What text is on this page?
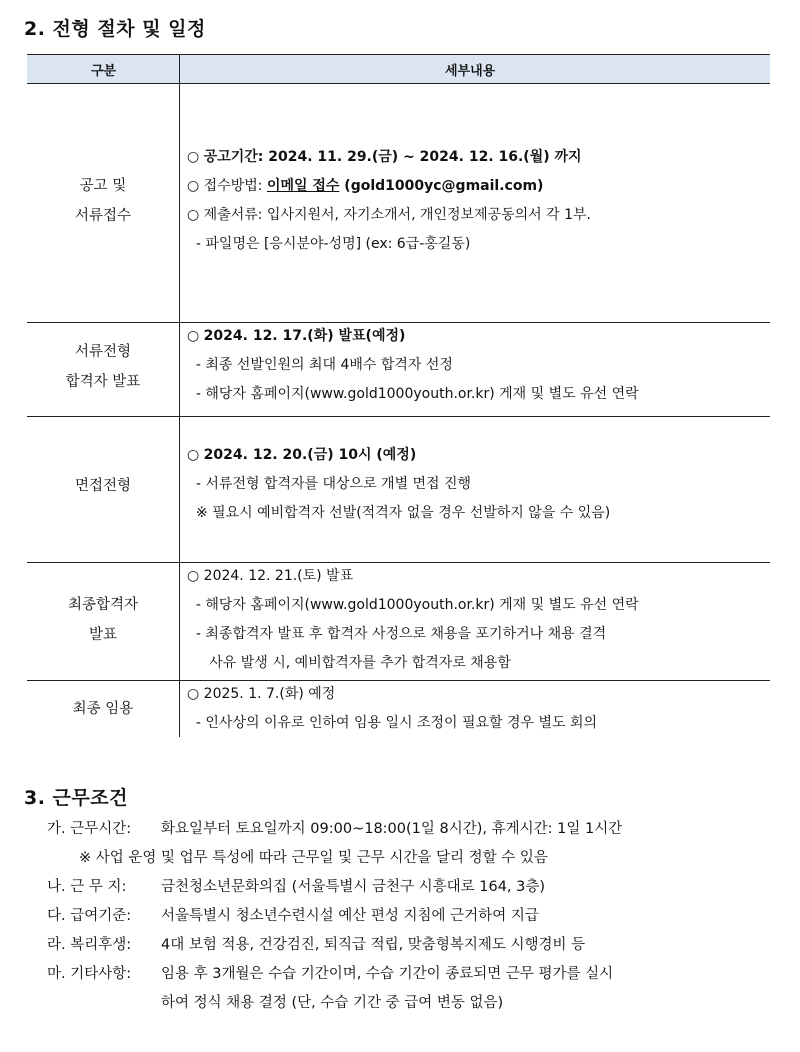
2. 전형 절차 및 일정
구분	세부내용
공고 및
서류접수
○ 공고기간: 2024. 11. 29.(금) ~ 2024. 12. 16.(월) 까지
○ 접수방법: 이메일 접수 (gold1000yc@gmail.com)
○ 제출서류: 입사지원서, 자기소개서, 개인정보제공동의서 각 1부.
- 파일명은 [응시분야-성명] (ex: 6급-홍길동)
서류전형
합격자 발표
○ 2024. 12. 17.(화) 발표(예정)
- 최종 선발인원의 최대 4배수 합격자 선정
- 해당자 홈페이지(www.gold1000youth.or.kr) 게재 및 별도 유선 연락
면접전형
○ 2024. 12. 20.(금) 10시 (예정)
- 서류전형 합격자를 대상으로 개별 면접 진행
※ 필요시 예비합격자 선발(적격자 없을 경우 선발하지 않을 수 있음)
최종합격자
발표
○ 2024. 12. 21.(토) 발표
- 해당자 홈페이지(www.gold1000youth.or.kr) 게재 및 별도 유선 연락
- 최종합격자 발표 후 합격자 사정으로 채용을 포기하거나 채용 결격
사유 발생 시, 예비합격자를 추가 합격자로 채용함
최종 임용
○ 2025. 1. 7.(화) 예정
- 인사상의 이유로 인하여 임용 일시 조정이 필요할 경우 별도 회의
3. 근무조건
가. 근무시간: 화요일부터 토요일까지 09:00~18:00(1일 8시간), 휴게시간: 1일 1시간
※ 사업 운영 및 업무 특성에 따라 근무일 및 근무 시간을 달리 정할 수 있음
나. 근 무 지: 금천청소년문화의집 (서울특별시 금천구 시흥대로 164, 3층)
다. 급여기준: 서울특별시 청소년수련시설 예산 편성 지침에 근거하여 지급
라. 복리후생: 4대 보험 적용, 건강검진, 퇴직급 적립, 맞춤형복지제도 시행경비 등
마. 기타사항: 임용 후 3개월은 수습 기간이며, 수습 기간이 종료되면 근무 평가를 실시
하여 정식 채용 결정 (단, 수습 기간 중 급여 변동 없음)
